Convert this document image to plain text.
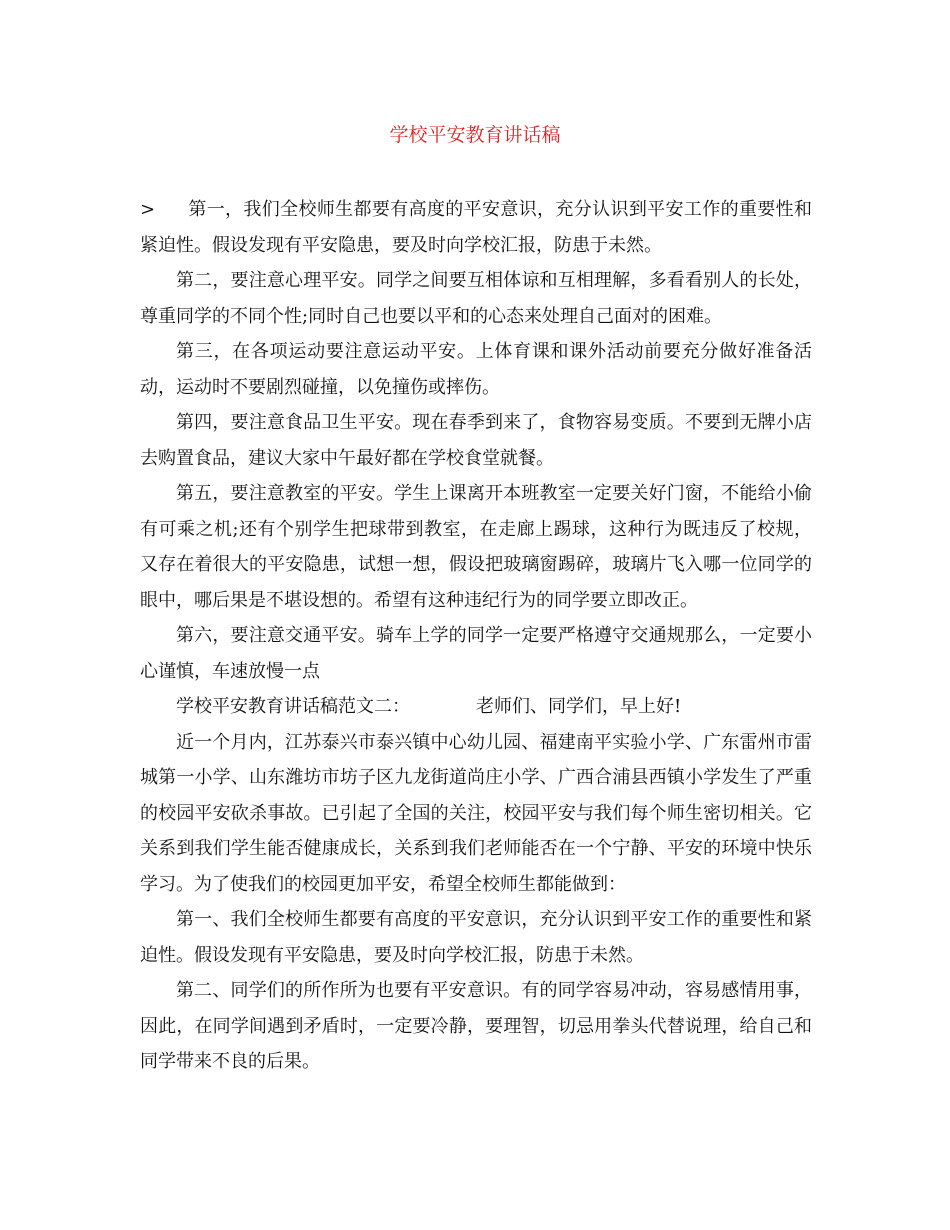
学校平安教育讲话稿

> 第一，我们全校师生都要有高度的平安意识，充分认识到平安工作的重要性和紧迫性。假设发现有平安隐患，要及时向学校汇报，防患于未然。

第二，要注意心理平安。同学之间要互相体谅和互相理解，多看看别人的长处，尊重同学的不同个性;同时自己也要以平和的心态来处理自己面对的困难。

第三，在各项运动要注意运动平安。上体育课和课外活动前要充分做好准备活动，运动时不要剧烈碰撞，以免撞伤或摔伤。

第四，要注意食品卫生平安。现在春季到来了，食物容易变质。不要到无牌小店去购置食品，建议大家中午最好都在学校食堂就餐。

第五，要注意教室的平安。学生上课离开本班教室一定要关好门窗，不能给小偷有可乘之机;还有个别学生把球带到教室，在走廊上踢球，这种行为既违反了校规，又存在着很大的平安隐患，试想一想，假设把玻璃窗踢碎，玻璃片飞入哪一位同学的眼中，哪后果是不堪设想的。希望有这种违纪行为的同学要立即改正。

第六，要注意交通平安。骑车上学的同学一定要严格遵守交通规那么，一定要小心谨慎，车速放慢一点

学校平安教育讲话稿范文二：	老师们、同学们，早上好!

近一个月内，江苏泰兴市泰兴镇中心幼儿园、福建南平实验小学、广东雷州市雷城第一小学、山东潍坊市坊子区九龙街道尚庄小学、广西合浦县西镇小学发生了严重的校园平安砍杀事故。已引起了全国的关注，校园平安与我们每个师生密切相关。它关系到我们学生能否健康成长，关系到我们老师能否在一个宁静、平安的环境中快乐学习。为了使我们的校园更加平安，希望全校师生都能做到：

第一、我们全校师生都要有高度的平安意识，充分认识到平安工作的重要性和紧迫性。假设发现有平安隐患，要及时向学校汇报，防患于未然。

第二、同学们的所作所为也要有平安意识。有的同学容易冲动，容易感情用事，因此，在同学间遇到矛盾时，一定要冷静，要理智，切忌用拳头代替说理，给自己和同学带来不良的后果。
